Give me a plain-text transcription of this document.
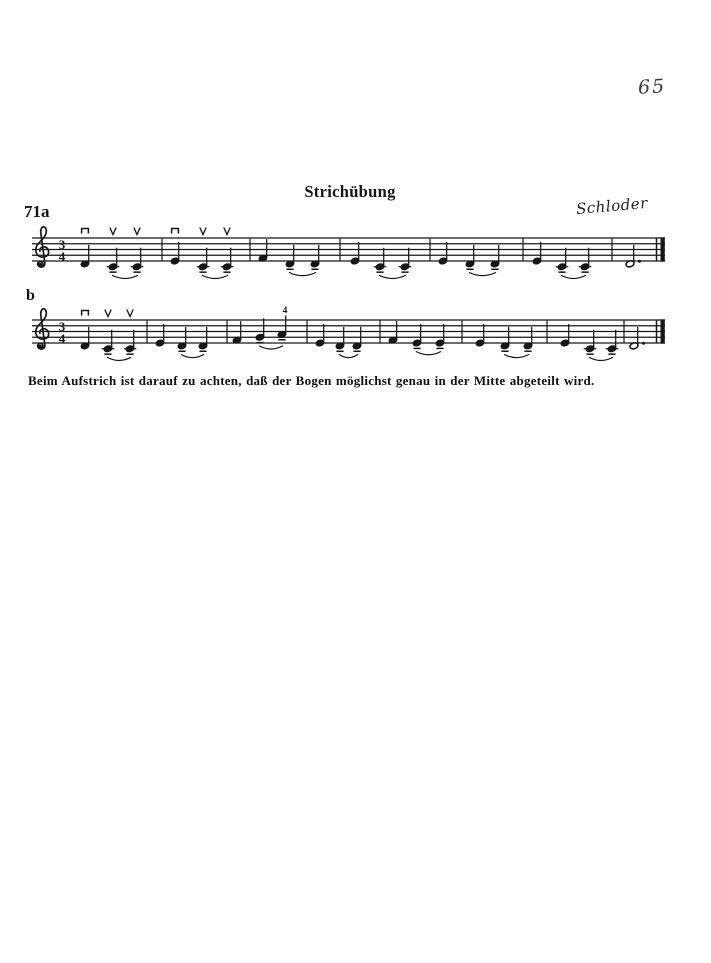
65
Strichübung
71a	Schloder
3
4
b
3
4
4
Beim Aufstrich ist darauf zu achten, daß der Bogen möglichst genau in der Mitte abgeteilt wird.
